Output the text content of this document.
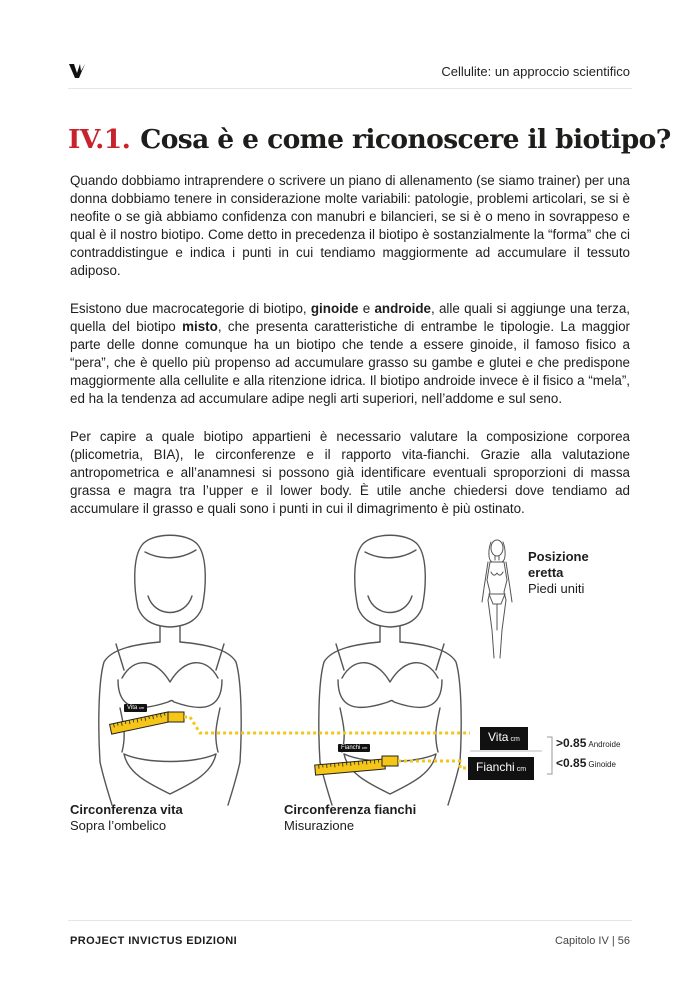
Cellulite: un approccio scientifico
IV.1. Cosa è e come riconoscere il biotipo?

Quando dobbiamo intraprendere o scrivere un piano di allenamento (se siamo trainer) per una donna dobbiamo tenere in considerazione molte variabili: patologie, problemi articolari, se si è neofite o se già abbiamo confidenza con manubri e bilancieri, se si è o meno in sovrappeso e qual è il nostro biotipo. Come detto in precedenza il biotipo è sostanzialmente la “forma” che ci contraddistingue e indica i punti in cui tendiamo maggiormente ad accumulare il tessuto adiposo.

Esistono due macrocategorie di biotipo, ginoide e androide, alle quali si aggiunge una terza, quella del biotipo misto, che presenta caratteristiche di entrambe le tipologie. La maggior parte delle donne comunque ha un biotipo che tende a essere ginoide, il famoso fisico a “pera”, che è quello più propenso ad accumulare grasso su gambe e glutei e che predispone maggiormente alla cellulite e alla ritenzione idrica. Il biotipo androide invece è il fisico a “mela”, ed ha la tendenza ad accumulare adipe negli arti superiori, nell’addome e sul seno.

Per capire a quale biotipo appartieni è necessario valutare la composizione corporea (plicometria, BIA), le circonferenze e il rapporto vita-fianchi. Grazie alla valutazione antropometrica e all’anamnesi si possono già identificare eventuali sproporzioni di massa grassa e magra tra l’upper e il lower body. È utile anche chiedersi dove tendiamo ad accumulare il grasso e quali sono i punti in cui il dimagrimento è più ostinato.

Vita cm
Fianchi cm
Vita cm
Fianchi cm
>0.85 Androide
<0.85 Ginoide
Posizione
eretta
Piedi uniti
Circonferenza vita
Sopra l’ombelico
Circonferenza fianchi
Misurazione
PROJECT INVICTUS EDIZIONI	Capitolo IV | 56
